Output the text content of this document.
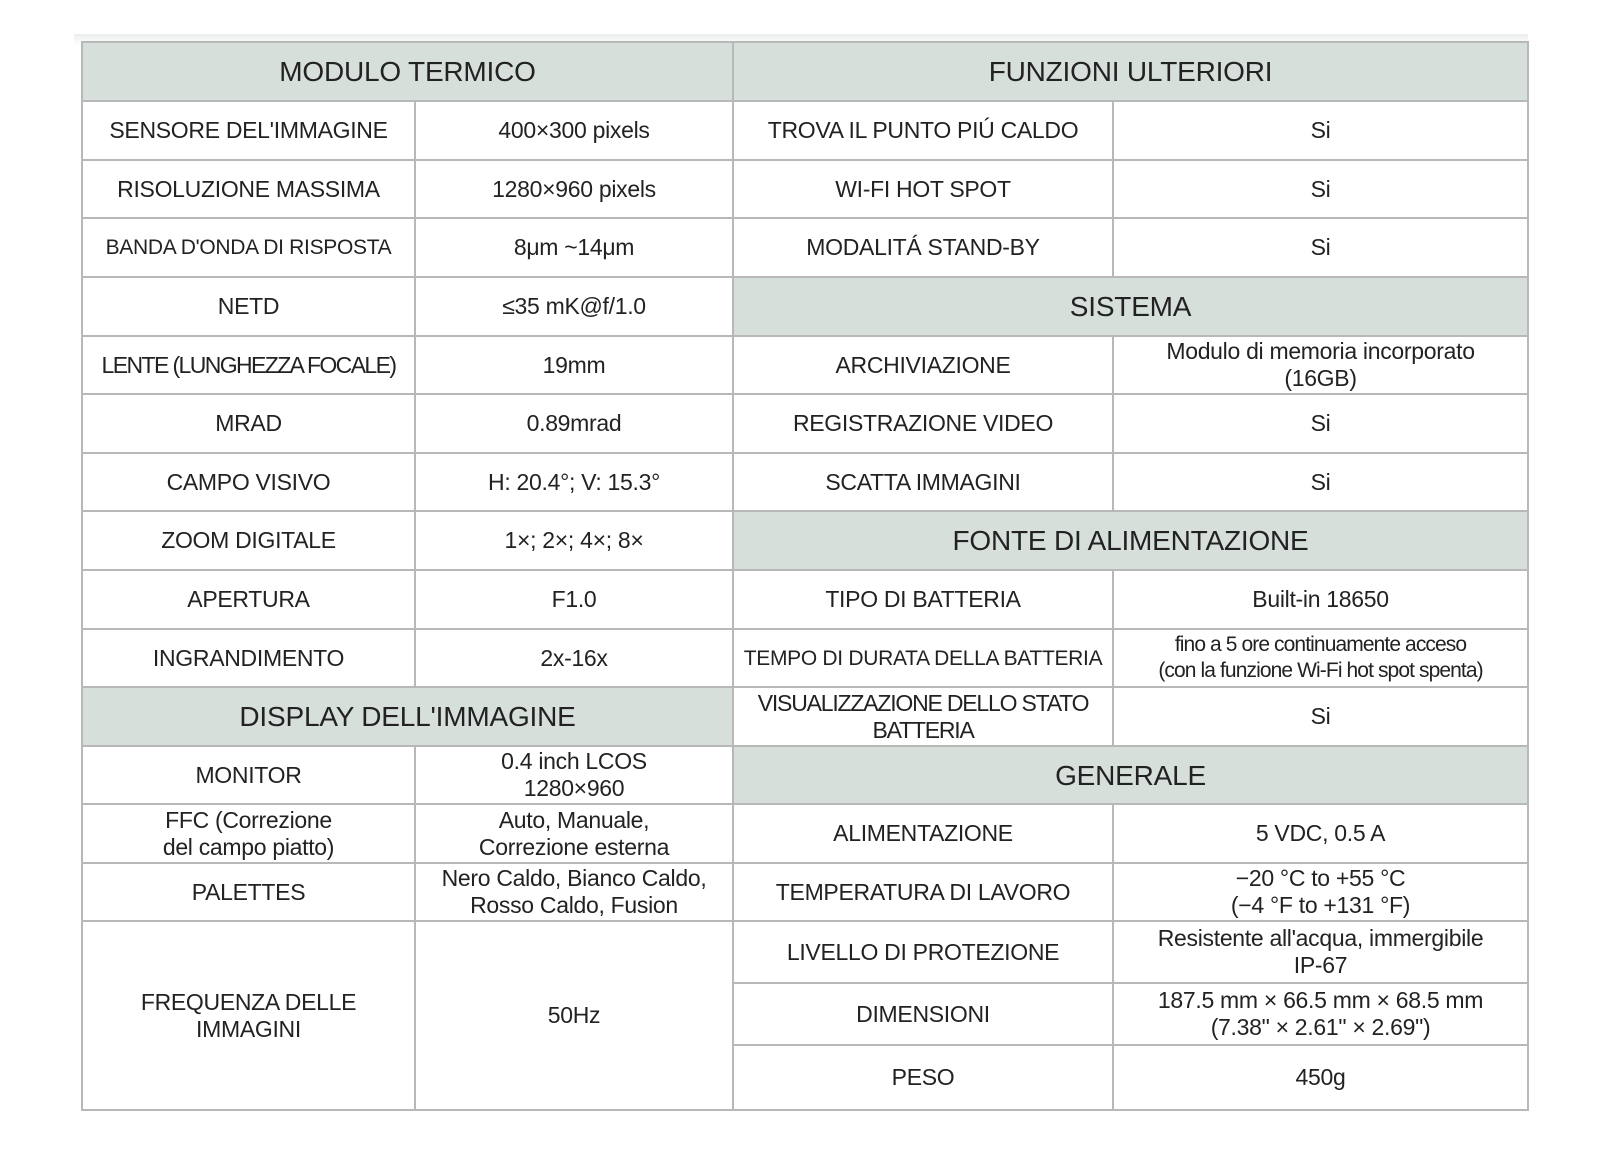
MODULO TERMICO	
SENSORE DEL'IMMAGINE	400×300 pixels
RISOLUZIONE MASSIMA	1280×960 pixels
BANDA D'ONDA DI RISPOSTA	8μm ~14μm
NETD	≤35 mK@f/1.0
LENTE (LUNGHEZZA FOCALE)	19mm
MRAD	0.89mrad
CAMPO VISIVO	H: 20.4°; V: 15.3°
ZOOM DIGITALE	1×; 2×; 4×; 8×
APERTURA	F1.0
INGRANDIMENTO	2x-16x
DISPLAY DELL'IMMAGINE	
MONITOR	0.4 inch LCOS
1280×960
FFC (Correzione
del campo piatto)	Auto, Manuale,
Correzione esterna
PALETTES	Nero Caldo, Bianco Caldo,
Rosso Caldo, Fusion
FREQUENZA DELLE
IMMAGINI	50Hz
FUNZIONI ULTERIORI	
TROVA IL PUNTO PIÚ CALDO	Si
WI-FI HOT SPOT	Si
MODALITÁ STAND-BY	Si
SISTEMA	
ARCHIVIAZIONE	Modulo di memoria incorporato
(16GB)
REGISTRAZIONE VIDEO	Si
SCATTA IMMAGINI	Si
FONTE DI ALIMENTAZIONE	
TIPO DI BATTERIA	Built-in 18650
TEMPO DI DURATA DELLA BATTERIA	fino a 5 ore continuamente acceso
(con la funzione Wi-Fi hot spot spenta)
VISUALIZZAZIONE DELLO STATO
BATTERIA	Si
GENERALE	
ALIMENTAZIONE	5 VDC, 0.5 A
TEMPERATURA DI LAVORO	−20 °C to +55 °C
(−4 °F to +131 °F)
LIVELLO DI PROTEZIONE	Resistente all'acqua, immergibile
IP-67
DIMENSIONI	187.5 mm × 66.5 mm × 68.5 mm
(7.38" × 2.61" × 2.69")
PESO	450g
